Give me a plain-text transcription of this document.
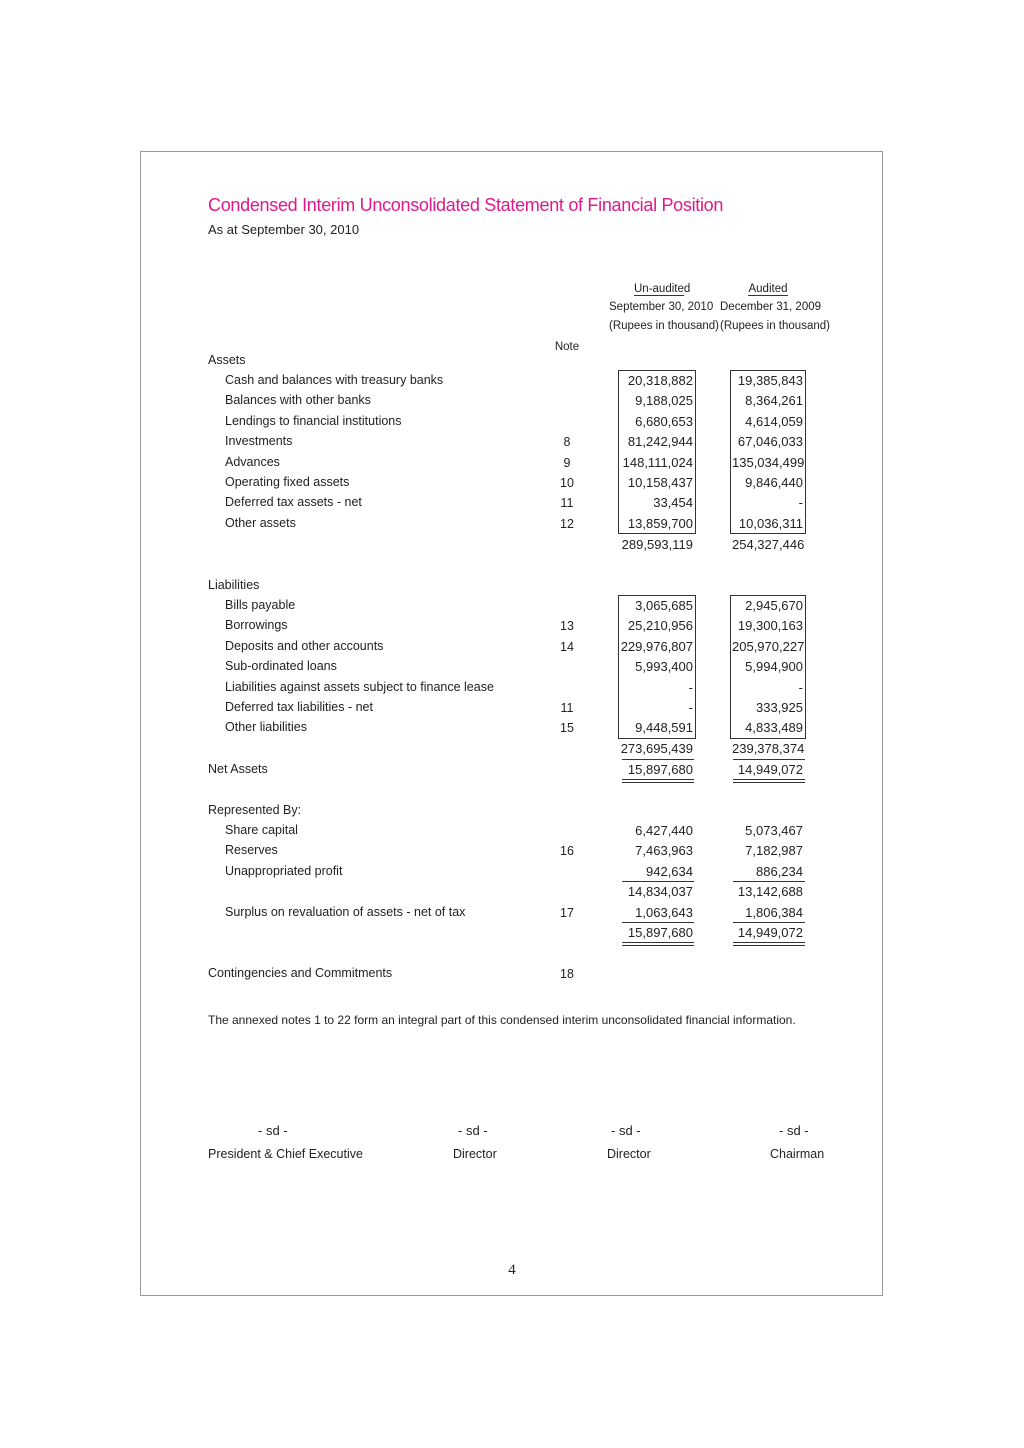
Condensed Interim Unconsolidated Statement of Financial Position
As at September 30, 2010
Un-audited
September 30, 2010
(Rupees in thousand)
Audited
December 31, 2009
(Rupees in thousand)
Note
Assets
Cash and balances with treasury banks	20,318,882	19,385,843
Balances with other banks	9,188,025	8,364,261
Lendings to financial institutions	6,680,653	4,614,059
Investments	8	81,242,944	67,046,033
Advances	9	148,111,024	135,034,499
Operating fixed assets	10	10,158,437	9,846,440
Deferred tax assets - net	11	33,454	-
Other assets	12	13,859,700	10,036,311
289,593,119	254,327,446
Liabilities
Bills payable	3,065,685	2,945,670
Borrowings	13	25,210,956	19,300,163
Deposits and other accounts	14	229,976,807	205,970,227
Sub-ordinated loans	5,993,400	5,994,900
Liabilities against assets subject to finance lease	-	-
Deferred tax liabilities - net	11	-	333,925
Other liabilities	15	9,448,591	4,833,489
273,695,439	239,378,374
Net Assets	15,897,680	14,949,072
Represented By:
Share capital	6,427,440	5,073,467
Reserves	16	7,463,963	7,182,987
Unappropriated profit	942,634	886,234
14,834,037	13,142,688
Surplus on revaluation of assets - net of tax	17	1,063,643	1,806,384
15,897,680	14,949,072
Contingencies and Commitments	18
The annexed notes 1 to 22 form an integral part of this condensed interim unconsolidated financial information.
- sd -
President & Chief Executive
- sd -
Director
- sd -
Director
- sd -
Chairman
4
